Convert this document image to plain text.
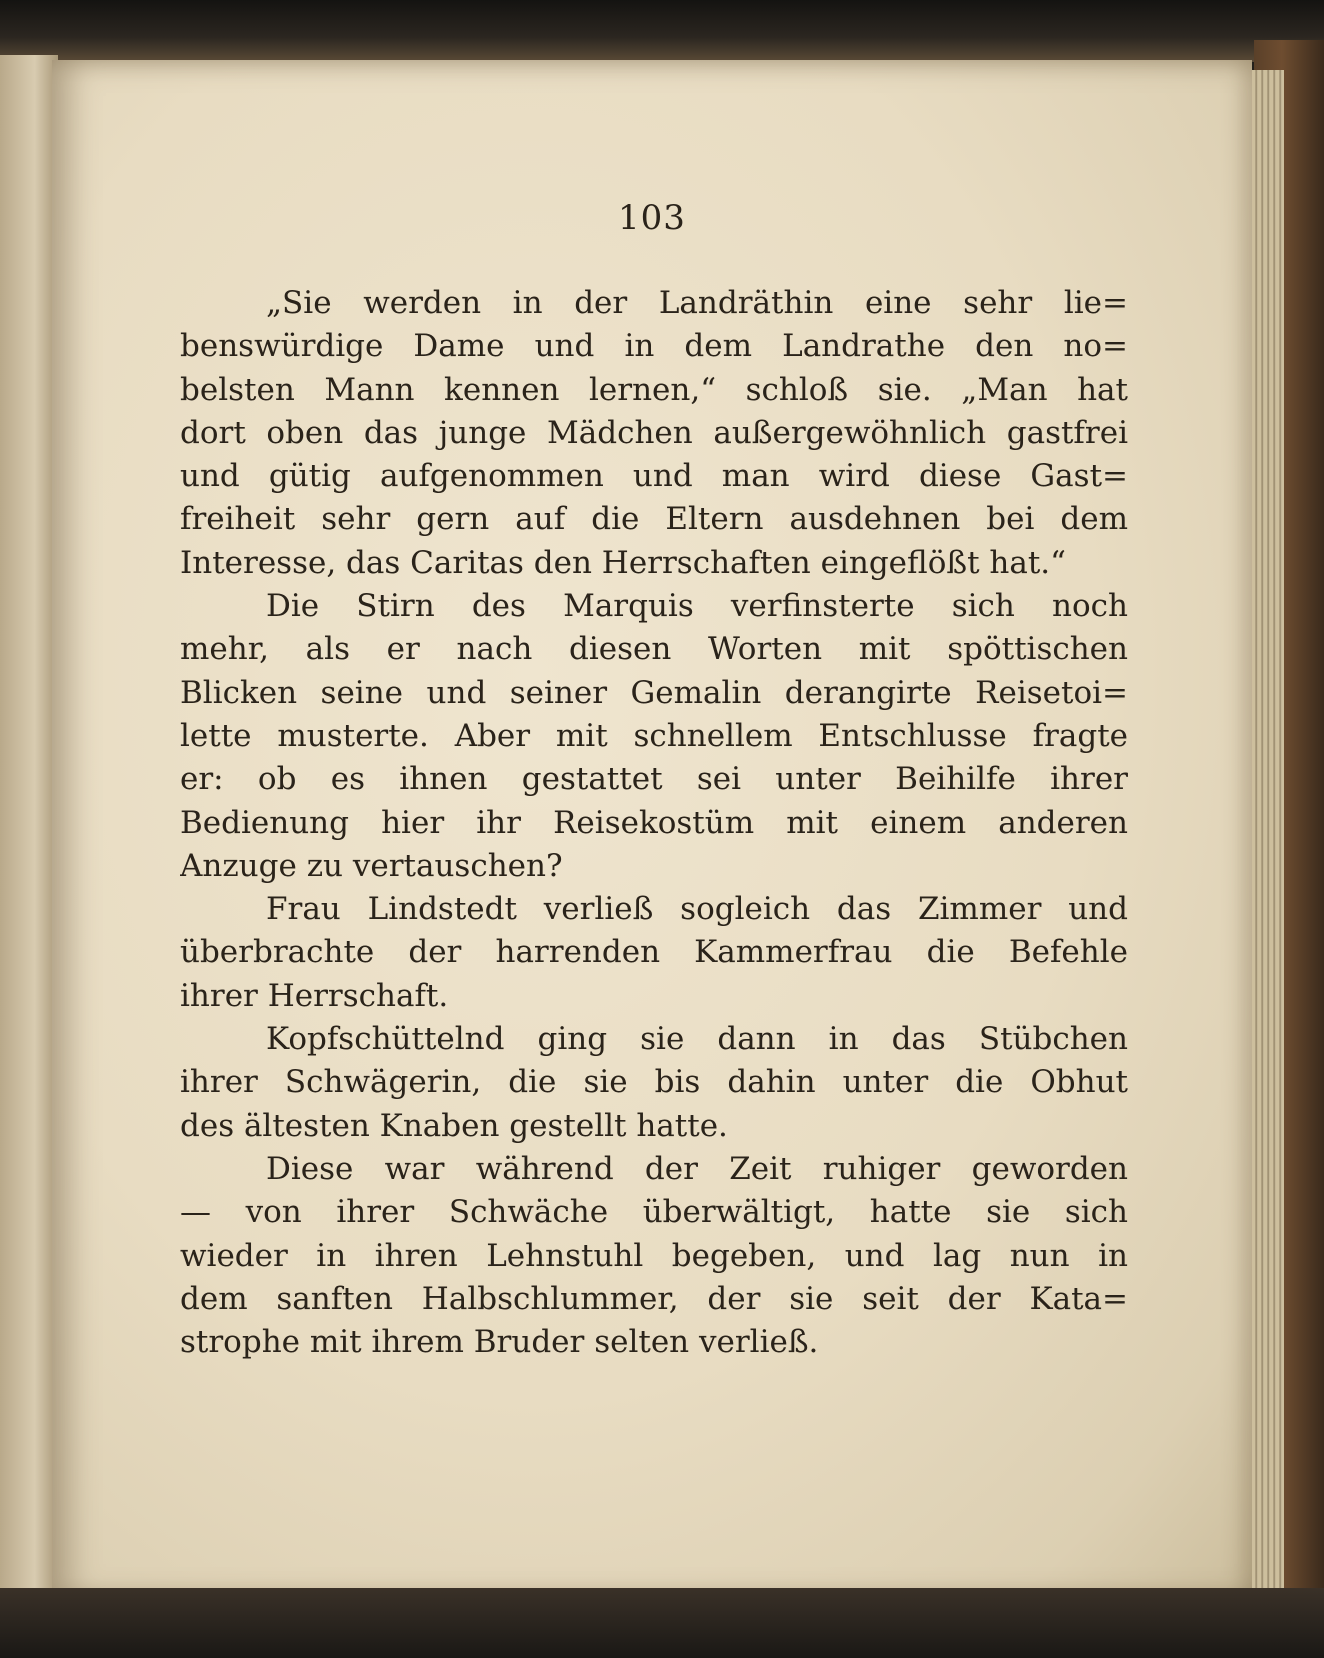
103
„Sie werden in der Landräthin eine sehr lie=
benswürdige Dame und in dem Landrathe den no=
belsten Mann kennen lernen,“ schloß sie. „Man hat
dort oben das junge Mädchen außergewöhnlich gastfrei
und gütig aufgenommen und man wird diese Gast=
freiheit sehr gern auf die Eltern ausdehnen bei dem
Interesse, das Caritas den Herrschaften eingeflößt hat.“
Die Stirn des Marquis verfinsterte sich noch
mehr, als er nach diesen Worten mit spöttischen
Blicken seine und seiner Gemalin derangirte Reisetoi=
lette musterte. Aber mit schnellem Entschlusse fragte
er: ob es ihnen gestattet sei unter Beihilfe ihrer
Bedienung hier ihr Reisekostüm mit einem anderen
Anzuge zu vertauschen?
Frau Lindstedt verließ sogleich das Zimmer und
überbrachte der harrenden Kammerfrau die Befehle
ihrer Herrschaft.
Kopfschüttelnd ging sie dann in das Stübchen
ihrer Schwägerin, die sie bis dahin unter die Obhut
des ältesten Knaben gestellt hatte.
Diese war während der Zeit ruhiger geworden
— von ihrer Schwäche überwältigt, hatte sie sich
wieder in ihren Lehnstuhl begeben, und lag nun in
dem sanften Halbschlummer, der sie seit der Kata=
strophe mit ihrem Bruder selten verließ.
